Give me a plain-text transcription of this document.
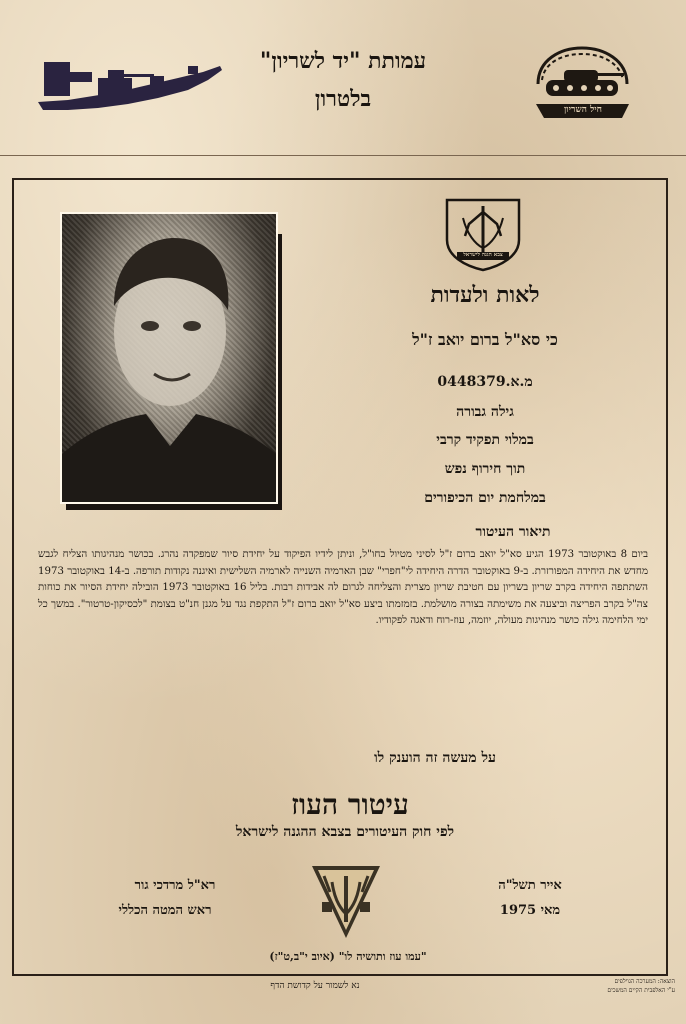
עמותת "יד לשריון"
בלטרון	חיל השריון
צבא הגנה לישראל
לאות ולעדות
כי סא"ל ברום יואב ז"ל
מ.א.0448379
גילה גבורה
במלוי תפקיד קרבי
תוך חירוף נפש
במלחמת יום הכיפורים
תיאור העיטור
ביום 8 באוקטובר 1973 הגיע סא"ל יואב ברום ז"ל לסיני מטיול בחו"ל, וניתן לידיו הפיקוד על יחידת סיור שמפקדה נהרג. בכושר מנהיגותו הצליח לגבש מחדש את היחידה המפורזרת. ב-9 באוקטובר הדרה היחידה לי"חפרי" שבן הארמיה השנייה לארמיה השלישית ואיגנה נקודות תורפה. ב-14 באוקטובר 1973 השתתפה היחידה בקרב שריון בשריון עם חטיבת שריון מצרית והצליחה לגרום לה אבידות רבות. בליל 16 באוקטובר 1973 הובילה יחידת הסיור את כוחות צה"ל בקרב הפריצה וביצעה את משימתה בצורה מושלמת. בזמזמתו ביצע סא"ל יואב ברום ז"ל התקפת נגד על מגנן חנ"ט בצומת "לכסיקון-טרטור". במשך כל ימי הלחימה גילה כושר מנהיגות מעולה, יוזמה, עוז-רוח ודאגה לפקודיו.
על מעשה זה הוענק לו
עיטור העוז
לפי חוק העיטורים בצבא ההגנה לישראל
רא"ל מרדכי גור
ראש המטה הכללי
אייר תשל"ה
מאי 1975
"עמו עוז ותושיה לו" (איוב י"ב,ט"ז)
נא לשמור על קדושת הדף	הוצאה: המערכה הגוילפים
ע"י האלפבית הקיים המשכים
